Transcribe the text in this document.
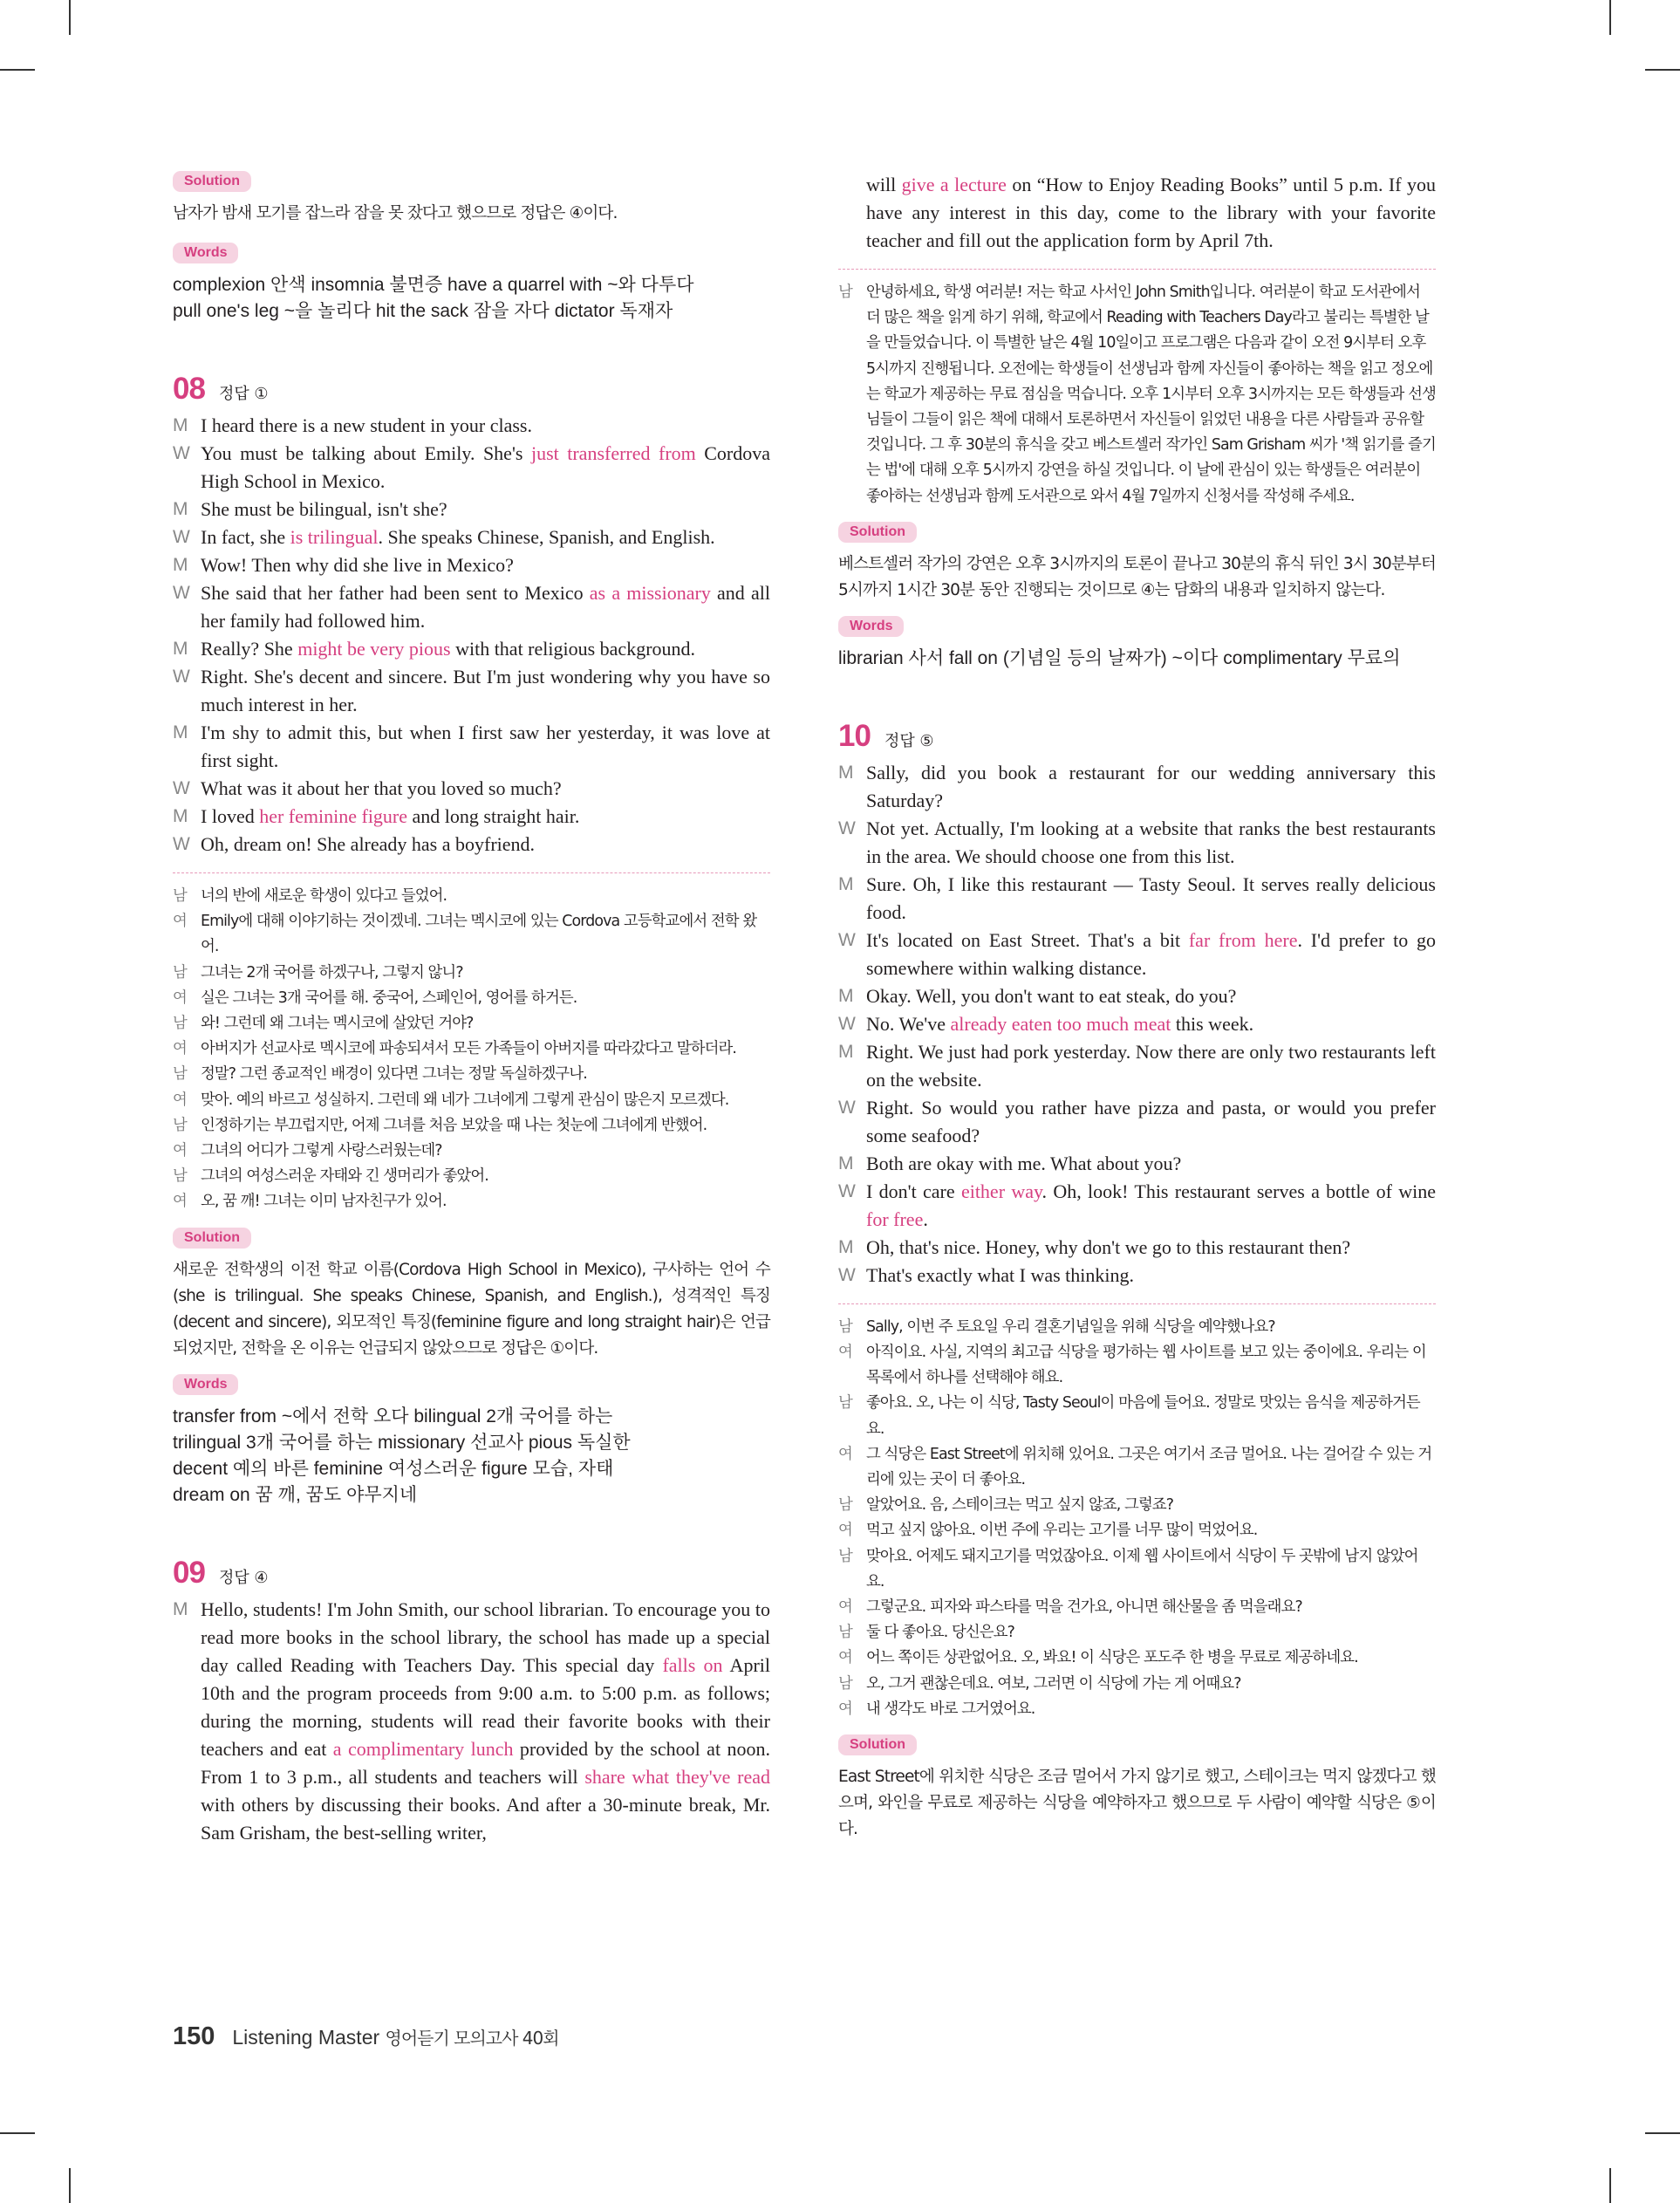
Solution

남자가 밤새 모기를 잡느라 잠을 못 잤다고 했으므로 정답은 ④이다.

Words

complexion 안색 insomnia 불면증 have a quarrel with ~와 다투다

pull one's leg ~을 놀리다 hit the sack 잠을 자다 dictator 독재자

08 정답 ①
M I heard there is a new student in your class.
W You must be talking about Emily. She's just transferred from Cordova High School in Mexico.
M She must be bilingual, isn't she?
W In fact, she is trilingual. She speaks Chinese, Spanish, and English.
M Wow! Then why did she live in Mexico?
W She said that her father had been sent to Mexico as a missionary and all her family had followed him.
M Really? She might be very pious with that religious background.
W Right. She's decent and sincere. But I'm just wondering why you have so much interest in her.
M I'm shy to admit this, but when I first saw her yesterday, it was love at first sight.
W What was it about her that you loved so much?
M I loved her feminine figure and long straight hair.
W Oh, dream on! She already has a boyfriend.
남 너의 반에 새로운 학생이 있다고 들었어.
여 Emily에 대해 이야기하는 것이겠네. 그녀는 멕시코에 있는 Cordova 고등학교에서 전학 왔어.
남 그녀는 2개 국어를 하겠구나, 그렇지 않니?
여 실은 그녀는 3개 국어를 해. 중국어, 스페인어, 영어를 하거든.
남 와! 그런데 왜 그녀는 멕시코에 살았던 거야?
여 아버지가 선교사로 멕시코에 파송되셔서 모든 가족들이 아버지를 따라갔다고 말하더라.
남 정말? 그런 종교적인 배경이 있다면 그녀는 정말 독실하겠구나.
여 맞아. 예의 바르고 성실하지. 그런데 왜 네가 그녀에게 그렇게 관심이 많은지 모르겠다.
남 인정하기는 부끄럽지만, 어제 그녀를 처음 보았을 때 나는 첫눈에 그녀에게 반했어.
여 그녀의 어디가 그렇게 사랑스러웠는데?
남 그녀의 여성스러운 자태와 긴 생머리가 좋았어.
여 오, 꿈 깨! 그녀는 이미 남자친구가 있어.
Solution

새로운 전학생의 이전 학교 이름(Cordova High School in Mexico), 구사하는 언어 수(she is trilingual. She speaks Chinese, Spanish, and English.), 성격적인 특징(decent and sincere), 외모적인 특징(feminine figure and long straight hair)은 언급되었지만, 전학을 온 이유는 언급되지 않았으므로 정답은 ①이다.

Words

transfer from ~에서 전학 오다 bilingual 2개 국어를 하는

trilingual 3개 국어를 하는 missionary 선교사 pious 독실한

decent 예의 바른 feminine 여성스러운 figure 모습, 자태

dream on 꿈 깨, 꿈도 야무지네

09 정답 ④
M Hello, students! I'm John Smith, our school librarian. To encourage you to read more books in the school library, the school has made up a special day called Reading with Teachers Day. This special day falls on April 10th and the program proceeds from 9:00 a.m. to 5:00 p.m. as follows; during the morning, students will read their favorite books with their teachers and eat a complimentary lunch provided by the school at noon. From 1 to 3 p.m., all students and teachers will share what they've read with others by discussing their books. And after a 30-minute break, Mr. Sam Grisham, the best-selling writer,
will give a lecture on “How to Enjoy Reading Books” until 5 p.m. If you have any interest in this day, come to the library with your favorite teacher and fill out the application form by April 7th.
남 안녕하세요, 학생 여러분! 저는 학교 사서인 John Smith입니다. 여러분이 학교 도서관에서 더 많은 책을 읽게 하기 위해, 학교에서 Reading with Teachers Day라고 불리는 특별한 날을 만들었습니다. 이 특별한 날은 4월 10일이고 프로그램은 다음과 같이 오전 9시부터 오후 5시까지 진행됩니다. 오전에는 학생들이 선생님과 함께 자신들이 좋아하는 책을 읽고 정오에는 학교가 제공하는 무료 점심을 먹습니다. 오후 1시부터 오후 3시까지는 모든 학생들과 선생님들이 그들이 읽은 책에 대해서 토론하면서 자신들이 읽었던 내용을 다른 사람들과 공유할 것입니다. 그 후 30분의 휴식을 갖고 베스트셀러 작가인 Sam Grisham 씨가 '책 읽기를 즐기는 법'에 대해 오후 5시까지 강연을 하실 것입니다. 이 날에 관심이 있는 학생들은 여러분이 좋아하는 선생님과 함께 도서관으로 와서 4월 7일까지 신청서를 작성해 주세요.
Solution

베스트셀러 작가의 강연은 오후 3시까지의 토론이 끝나고 30분의 휴식 뒤인 3시 30분부터 5시까지 1시간 30분 동안 진행되는 것이므로 ④는 담화의 내용과 일치하지 않는다.

Words

librarian 사서 fall on (기념일 등의 날짜가) ~이다 complimentary 무료의

10 정답 ⑤
M Sally, did you book a restaurant for our wedding anniversary this Saturday?
W Not yet. Actually, I'm looking at a website that ranks the best restaurants in the area. We should choose one from this list.
M Sure. Oh, I like this restaurant — Tasty Seoul. It serves really delicious food.
W It's located on East Street. That's a bit far from here. I'd prefer to go somewhere within walking distance.
M Okay. Well, you don't want to eat steak, do you?
W No. We've already eaten too much meat this week.
M Right. We just had pork yesterday. Now there are only two restaurants left on the website.
W Right. So would you rather have pizza and pasta, or would you prefer some seafood?
M Both are okay with me. What about you?
W I don't care either way. Oh, look! This restaurant serves a bottle of wine for free.
M Oh, that's nice. Honey, why don't we go to this restaurant then?
W That's exactly what I was thinking.
남 Sally, 이번 주 토요일 우리 결혼기념일을 위해 식당을 예약했나요?
여 아직이요. 사실, 지역의 최고급 식당을 평가하는 웹 사이트를 보고 있는 중이에요. 우리는 이 목록에서 하나를 선택해야 해요.
남 좋아요. 오, 나는 이 식당, Tasty Seoul이 마음에 들어요. 정말로 맛있는 음식을 제공하거든요.
여 그 식당은 East Street에 위치해 있어요. 그곳은 여기서 조금 멀어요. 나는 걸어갈 수 있는 거리에 있는 곳이 더 좋아요.
남 알았어요. 음, 스테이크는 먹고 싶지 않죠, 그렇죠?
여 먹고 싶지 않아요. 이번 주에 우리는 고기를 너무 많이 먹었어요.
남 맞아요. 어제도 돼지고기를 먹었잖아요. 이제 웹 사이트에서 식당이 두 곳밖에 남지 않았어요.
여 그렇군요. 피자와 파스타를 먹을 건가요, 아니면 해산물을 좀 먹을래요?
남 둘 다 좋아요. 당신은요?
여 어느 쪽이든 상관없어요. 오, 봐요! 이 식당은 포도주 한 병을 무료로 제공하네요.
남 오, 그거 괜찮은데요. 여보, 그러면 이 식당에 가는 게 어때요?
여 내 생각도 바로 그거였어요.
Solution

East Street에 위치한 식당은 조금 멀어서 가지 않기로 했고, 스테이크는 먹지 않겠다고 했으며, 와인을 무료로 제공하는 식당을 예약하자고 했으므로 두 사람이 예약할 식당은 ⑤이다.

150 Listening Master 영어듣기 모의고사 40회
